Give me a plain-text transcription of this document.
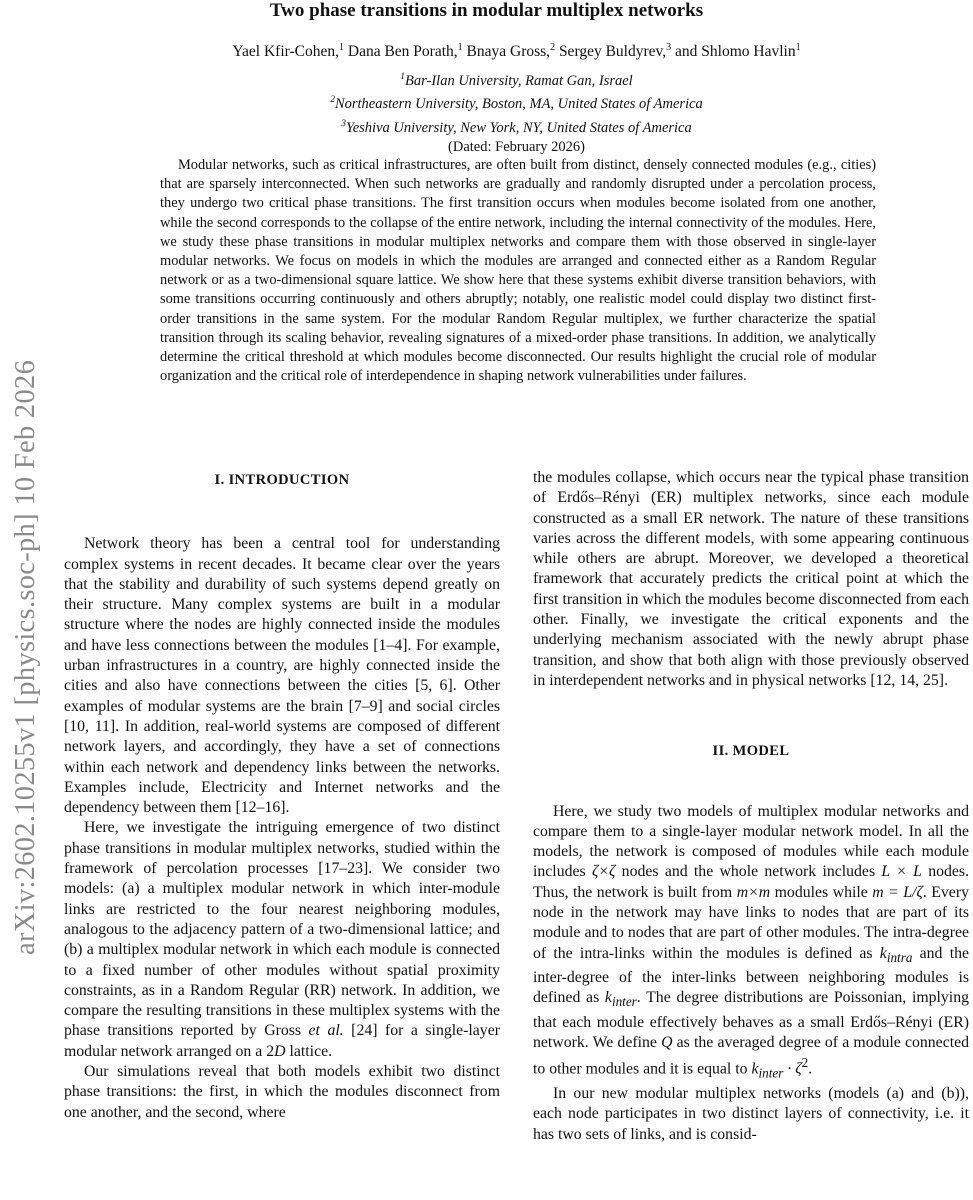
arXiv:2602.10255v1 [physics.soc-ph] 10 Feb 2026
Two phase transitions in modular multiplex networks
Yael Kfir-Cohen,$^1$ Dana Ben Porath,$^1$ Bnaya Gross,$^2$ Sergey Buldyrev,$^3$ and Shlomo Havlin$^1$
$^1$Bar-Ilan University, Ramat Gan, Israel
$^2$Northeastern University, Boston, MA, United States of America
$^3$Yeshiva University, New York, NY, United States of America
(Dated: February 2026)

Modular networks, such as critical infrastructures, are often built from distinct, densely connected modules (e.g., cities) that are sparsely interconnected. When such networks are gradually and randomly disrupted under a percolation process, they undergo two critical phase transitions. The first transition occurs when modules become isolated from one another, while the second corresponds to the collapse of the entire network, including the internal connectivity of the modules. Here, we study these phase transitions in modular multiplex networks and compare them with those observed in single-layer modular networks. We focus on models in which the modules are arranged and connected either as a Random Regular network or as a two-dimensional square lattice. We show here that these systems exhibit diverse transition behaviors, with some transitions occurring continuously and others abruptly; notably, one realistic model could display two distinct first-order transitions in the same system. For the modular Random Regular multiplex, we further characterize the spatial transition through its scaling behavior, revealing signatures of a mixed-order phase transitions. In addition, we analytically determine the critical threshold at which modules become disconnected. Our results highlight the crucial role of modular organization and the critical role of interdependence in shaping network vulnerabilities under failures.

I. INTRODUCTION

Network theory has been a central tool for understanding complex systems in recent decades. It became clear over the years that the stability and durability of such systems depend greatly on their structure. Many complex systems are built in a modular structure where the nodes are highly connected inside the modules and have less connections between the modules [1–4]. For example, urban infrastructures in a country, are highly connected inside the cities and also have connections between the cities [5, 6]. Other examples of modular systems are the brain [7–9] and social circles [10, 11]. In addition, real-world systems are composed of different network layers, and accordingly, they have a set of connections within each network and dependency links between the networks. Examples include, Electricity and Internet networks and the dependency between them [12–16].

Here, we investigate the intriguing emergence of two distinct phase transitions in modular multiplex networks, studied within the framework of percolation processes [17–23]. We consider two models: (a) a multiplex modular network in which inter-module links are restricted to the four nearest neighboring modules, analogous to the adjacency pattern of a two-dimensional lattice; and (b) a multiplex modular network in which each module is connected to a fixed number of other modules without spatial proximity constraints, as in a Random Regular (RR) network. In addition, we compare the resulting transitions in these multiplex systems with the phase transitions reported by Gross et al. [24] for a single-layer modular network arranged on a 2D lattice.

Our simulations reveal that both models exhibit two distinct phase transitions: the first, in which the modules disconnect from one another, and the second, where

the modules collapse, which occurs near the typical phase transition of Erdős–Rényi (ER) multiplex networks, since each module constructed as a small ER network. The nature of these transitions varies across the different models, with some appearing continuous while others are abrupt. Moreover, we developed a theoretical framework that accurately predicts the critical point at which the first transition in which the modules become disconnected from each other. Finally, we investigate the critical exponents and the underlying mechanism associated with the newly abrupt phase transition, and show that both align with those previously observed in interdependent networks and in physical networks [12, 14, 25].

II. MODEL

Here, we study two models of multiplex modular networks and compare them to a single-layer modular network model. In all the models, the network is composed of modules while each module includes ζ×ζ nodes and the whole network includes L × L nodes. Thus, the network is built from m×m modules while m = L/ζ. Every node in the network may have links to nodes that are part of its module and to nodes that are part of other modules. The intra-degree of the intra-links within the modules is defined as $k_{intra}$ and the inter-degree of the inter-links between neighboring modules is defined as $k_{inter}$. The degree distributions are Poissonian, implying that each module effectively behaves as a small Erdős–Rényi (ER) network. We define Q as the averaged degree of a module connected to other modules and it is equal to $k_{inter} \cdot \zeta^2$.

In our new modular multiplex networks (models (a) and (b)), each node participates in two distinct layers of connectivity, i.e. it has two sets of links, and is consid-
